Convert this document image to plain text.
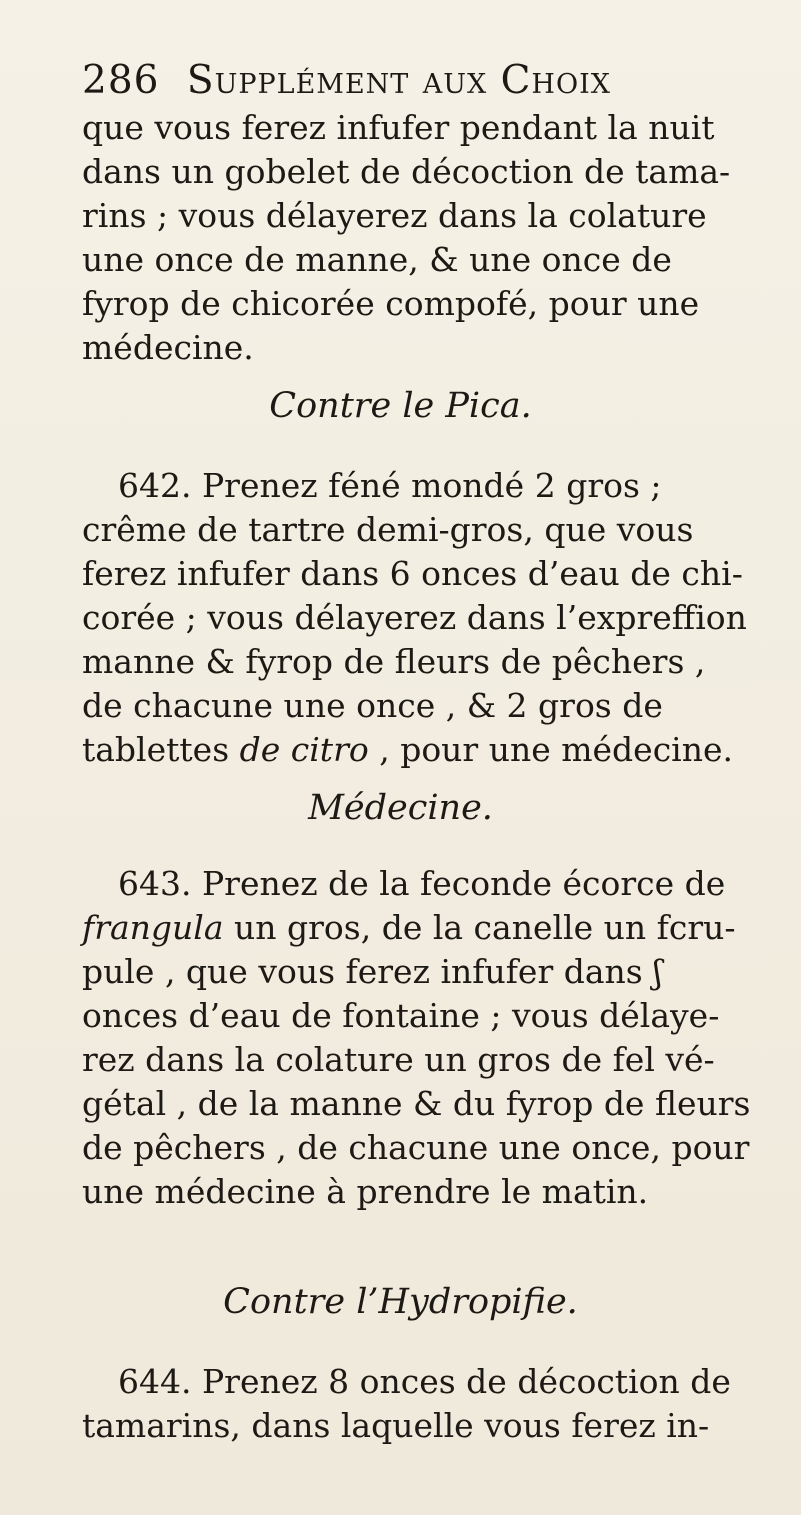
286 Supplément aux Choix
que vous ferez infufer pendant la nuit
dans un gobelet de décoction de tama-
rins ; vous délayerez dans la colature
une once de manne, & une once de
fyrop de chicorée compofé, pour une
médecine.
Contre le Pica.
642. Prenez féné mondé 2 gros ;
crême de tartre demi-gros, que vous
ferez infufer dans 6 onces d’eau de chi-
corée ; vous délayerez dans l’expreffion
manne & fyrop de fleurs de pêchers ,
de chacune une once , & 2 gros de
tablettes de citro , pour une médecine.
Médecine.
643. Prenez de la feconde écorce de
frangula un gros, de la canelle un fcru-
pule , que vous ferez infufer dans ʃ
onces d’eau de fontaine ; vous délaye-
rez dans la colature un gros de fel vé-
gétal , de la manne & du fyrop de fleurs
de pêchers , de chacune une once, pour
une médecine à prendre le matin.
Contre l’Hydropifie.
644. Prenez 8 onces de décoction de
tamarins, dans laquelle vous ferez in-
